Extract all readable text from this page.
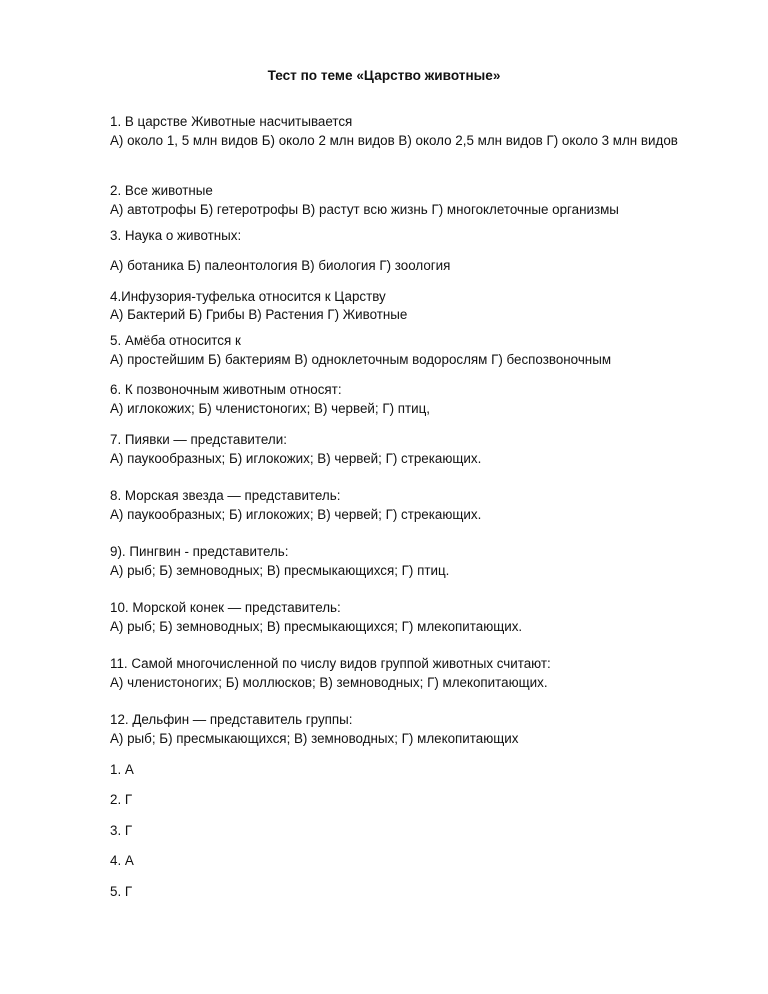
Тест по теме «Царство животные»
1. В царстве Животные насчитывается
А) около 1, 5 млн видов Б) около 2 млн видов В) около 2,5 млн видов Г) около 3 млн видов
2. Все животные
А) автотрофы Б) гетеротрофы В) растут всю жизнь Г) многоклеточные организмы
3. Наука о животных:
А) ботаника Б) палеонтология В) биология Г) зоология
4.Инфузория-туфелька относится к Царству
А) Бактерий Б) Грибы В) Растения Г) Животные
5. Амёба относится к
А) простейшим Б) бактериям В) одноклеточным водорослям Г) беспозвоночным
6. К позвоночным животным относят:
А) иглокожих; Б) членистоногих; В) червей; Г) птиц,
7. Пиявки — представители:
А) паукообразных; Б) иглокожих; В) червей; Г) стрекающих.
8. Морская звезда — представитель:
А) паукообразных; Б) иглокожих; В) червей; Г) стрекающих.
9). Пингвин - представитель:
А) рыб; Б) земноводных; В) пресмыкающихся; Г) птиц.
10. Морской конек — представитель:
А) рыб; Б) земноводных; В) пресмыкающихся; Г) млекопитающих.
11. Самой многочисленной по числу видов группой животных считают:
А) членистоногих; Б) моллюсков; В) земноводных; Г) млекопитающих.
12. Дельфин — представитель группы:
А) рыб; Б) пресмыкающихся; В) земноводных; Г) млекопитающих
1. А
2. Г
3. Г
4. А
5. Г
